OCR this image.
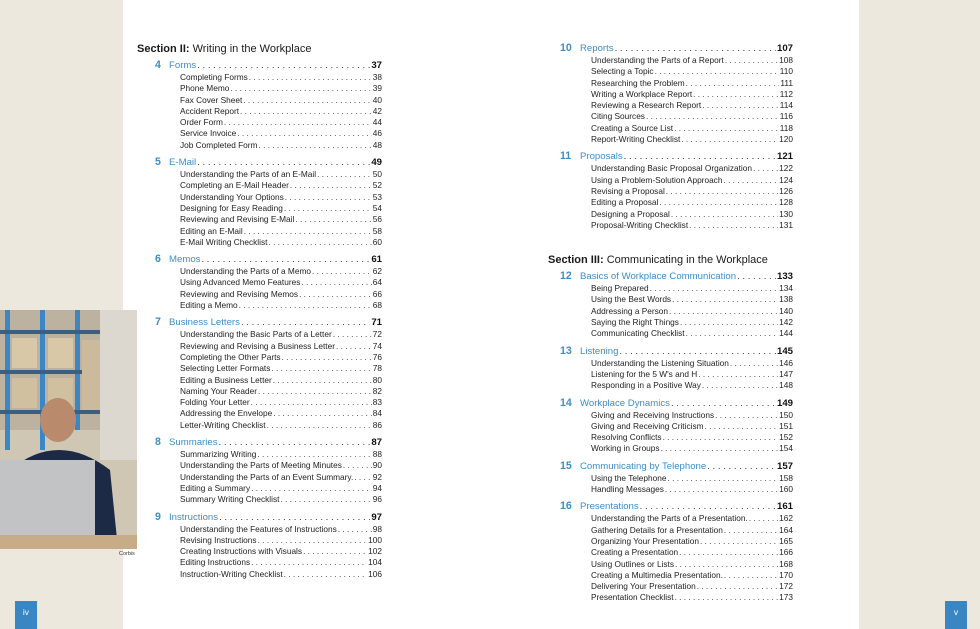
Section II: Writing in the Workplace
4 Forms . . .	37
Completing Forms . . .	38
Phone Memo . . .	39
Fax Cover Sheet . . .	40
Accident Report . . .	42
Order Form . . .	44
Service Invoice . . .	46
Job Completed Form . . .	48
5 E-Mail . . .	49
Understanding the Parts of an E-Mail . . .	50
Completing an E-Mail Header . . .	52
Understanding Your Options . . .	53
Designing for Easy Reading . . .	54
Reviewing and Revising E-Mail . . .	56
Editing an E-Mail . . .	58
E-Mail Writing Checklist . . .	60
6 Memos . . .	61
Understanding the Parts of a Memo . . .	62
Using Advanced Memo Features . . .	64
Reviewing and Revising Memos . . .	66
Editing a Memo . . .	68
7 Business Letters . . .	71
Understanding the Basic Parts of a Letter . . .	72
Reviewing and Revising a Business Letter . . .	74
Completing the Other Parts . . .	76
Selecting Letter Formats . . .	78
Editing a Business Letter . . .	80
Naming Your Reader . . .	82
Folding Your Letter . . .	83
Addressing the Envelope . . .	84
Letter-Writing Checklist . . .	86
8 Summaries . . .	87
Summarizing Writing . . .	88
Understanding the Parts of Meeting Minutes . . .	90
Understanding the Parts of an Event Summary. . . . 92
Editing a Summary . . .	94
Summary Writing Checklist . . .	96
9 Instructions . . .	97
Understanding the Features of Instructions . . .	98
Revising Instructions . . .	100
Creating Instructions with Visuals . . .	102
Editing Instructions . . .	104
Instruction-Writing Checklist . . .	106
10 Reports . . .	107
Understanding the Parts of a Report . . .	108
Selecting a Topic . . .	110
Researching the Problem . . .	111
Writing a Workplace Report . . .	112
Reviewing a Research Report . . .	114
Citing Sources . . .	116
Creating a Source List . . .	118
Report-Writing Checklist . . .	120
11 Proposals . . .	121
Understanding Basic Proposal Organization . . .	122
Using a Problem-Solution Approach . . .	124
Revising a Proposal . . .	126
Editing a Proposal . . .	128
Designing a Proposal . . .	130
Proposal-Writing Checklist . . .	131
Section III: Communicating in the Workplace
12 Basics of Workplace Communication . . .	133
Being Prepared . . .	134
Using the Best Words . . .	138
Addressing a Person . . .	140
Saying the Right Things . . .	142
Communicating Checklist . . .	144
13 Listening . . .	145
Understanding the Listening Situation . . .	146
Listening for the 5 W's and H . . .	147
Responding in a Positive Way . . .	148
14 Workplace Dynamics . . .	149
Giving and Receiving Instructions . . .	150
Giving and Receiving Criticism . . .	151
Resolving Conflicts . . .	152
Working in Groups . . .	154
15 Communicating by Telephone . . .	157
Using the Telephone . . .	158
Handling Messages . . .	160
16 Presentations . . .	161
Understanding the Parts of a Presentation. . . .	162
Gathering Details for a Presentation . . .	164
Organizing Your Presentation . . .	165
Creating a Presentation . . .	166
Using Outlines or Lists . . .	168
Creating a Multimedia Presentation. . . .	170
Delivering Your Presentation . . .	172
Presentation Checklist . . .	173
Corbis
iv	v
